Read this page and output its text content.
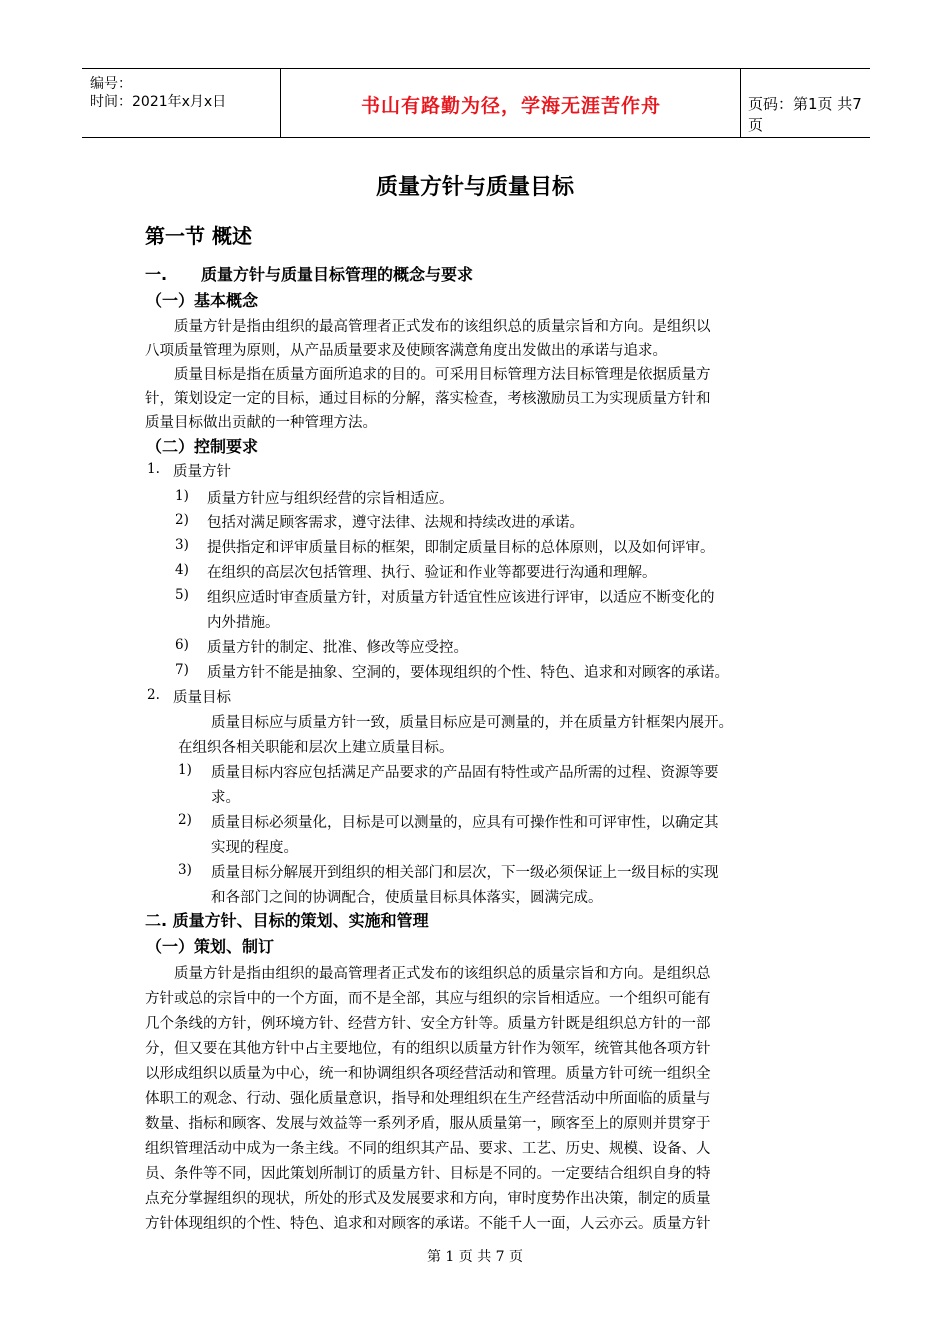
编号：
时间：2021年x月x日	书山有路勤为径，学海无涯苦作舟	页码：第1页 共7页
质量方针与质量目标
第一节 概述
一. 质量方针与质量目标管理的概念与要求
（一）基本概念
质量方针是指由组织的最高管理者正式发布的该组织总的质量宗旨和方向。是组织以
八项质量管理为原则，从产品质量要求及使顾客满意角度出发做出的承诺与追求。
质量目标是指在质量方面所追求的目的。可采用目标管理方法目标管理是依据质量方
针，策划设定一定的目标，通过目标的分解，落实检查，考核激励员工为实现质量方针和
质量目标做出贡献的一种管理方法。
（二）控制要求
1. 质量方针
1) 质量方针应与组织经营的宗旨相适应。
2) 包括对满足顾客需求，遵守法律、法规和持续改进的承诺。
3) 提供指定和评审质量目标的框架，即制定质量目标的总体原则，以及如何评审。
4) 在组织的高层次包括管理、执行、验证和作业等都要进行沟通和理解。
5) 组织应适时审查质量方针，对质量方针适宜性应该进行评审，以适应不断变化的
内外措施。
6) 质量方针的制定、批准、修改等应受控。
7) 质量方针不能是抽象、空洞的，要体现组织的个性、特色、追求和对顾客的承诺。
2. 质量目标
质量目标应与质量方针一致，质量目标应是可测量的，并在质量方针框架内展开。
在组织各相关职能和层次上建立质量目标。
1) 质量目标内容应包括满足产品要求的产品固有特性或产品所需的过程、资源等要
求。
2) 质量目标必须量化，目标是可以测量的，应具有可操作性和可评审性，以确定其
实现的程度。
3) 质量目标分解展开到组织的相关部门和层次，下一级必须保证上一级目标的实现
和各部门之间的协调配合，使质量目标具体落实，圆满完成。
二. 质量方针、目标的策划、实施和管理
（一）策划、制订
质量方针是指由组织的最高管理者正式发布的该组织总的质量宗旨和方向。是组织总
方针或总的宗旨中的一个方面，而不是全部，其应与组织的宗旨相适应。一个组织可能有
几个条线的方针，例环境方针、经营方针、安全方针等。质量方针既是组织总方针的一部
分，但又要在其他方针中占主要地位，有的组织以质量方针作为领军，统管其他各项方针
以形成组织以质量为中心，统一和协调组织各项经营活动和管理。质量方针可统一组织全
体职工的观念、行动、强化质量意识，指导和处理组织在生产经营活动中所面临的质量与
数量、指标和顾客、发展与效益等一系列矛盾，服从质量第一，顾客至上的原则并贯穿于
组织管理活动中成为一条主线。不同的组织其产品、要求、工艺、历史、规模、设备、人
员、条件等不同，因此策划所制订的质量方针、目标是不同的。一定要结合组织自身的特
点充分掌握组织的现状，所处的形式及发展要求和方向，审时度势作出决策，制定的质量
方针体现组织的个性、特色、追求和对顾客的承诺。不能千人一面，人云亦云。质量方针
第 1 页 共 7 页
